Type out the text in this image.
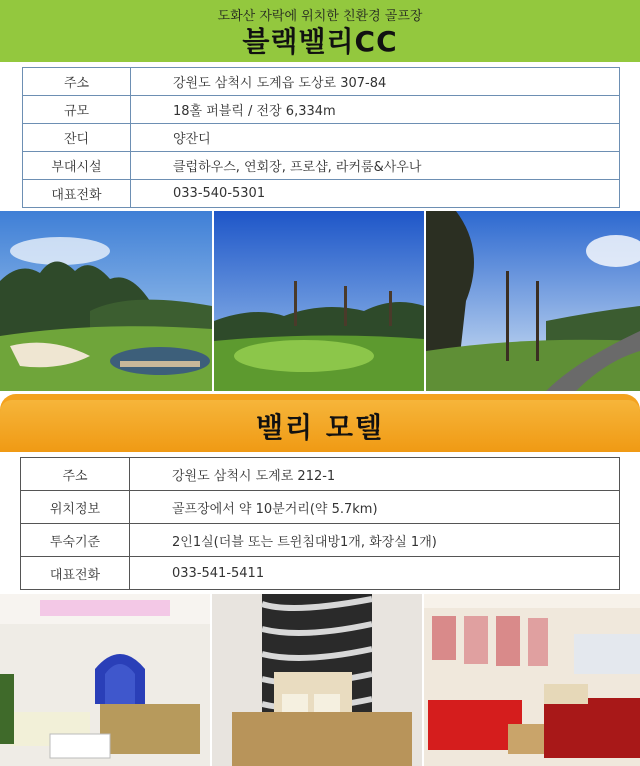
도화산 자락에 위치한 친환경 골프장
블랙밸리CC
주소	강원도 삼척시 도계읍 도상로 307-84
규모	18홀 퍼블릭 / 전장 6,334m
잔디	양잔디
부대시설	클럽하우스, 연회장, 프로샵, 라커룸&사우나
대표전화	033-540-5301
밸리 모텔
주소	강원도 삼척시 도계로 212-1
위치정보	골프장에서 약 10분거리(약 5.7km)
투숙기준	2인1실(더블 또는 트윈침대방1개, 화장실 1개)
대표전화	033-541-5411
